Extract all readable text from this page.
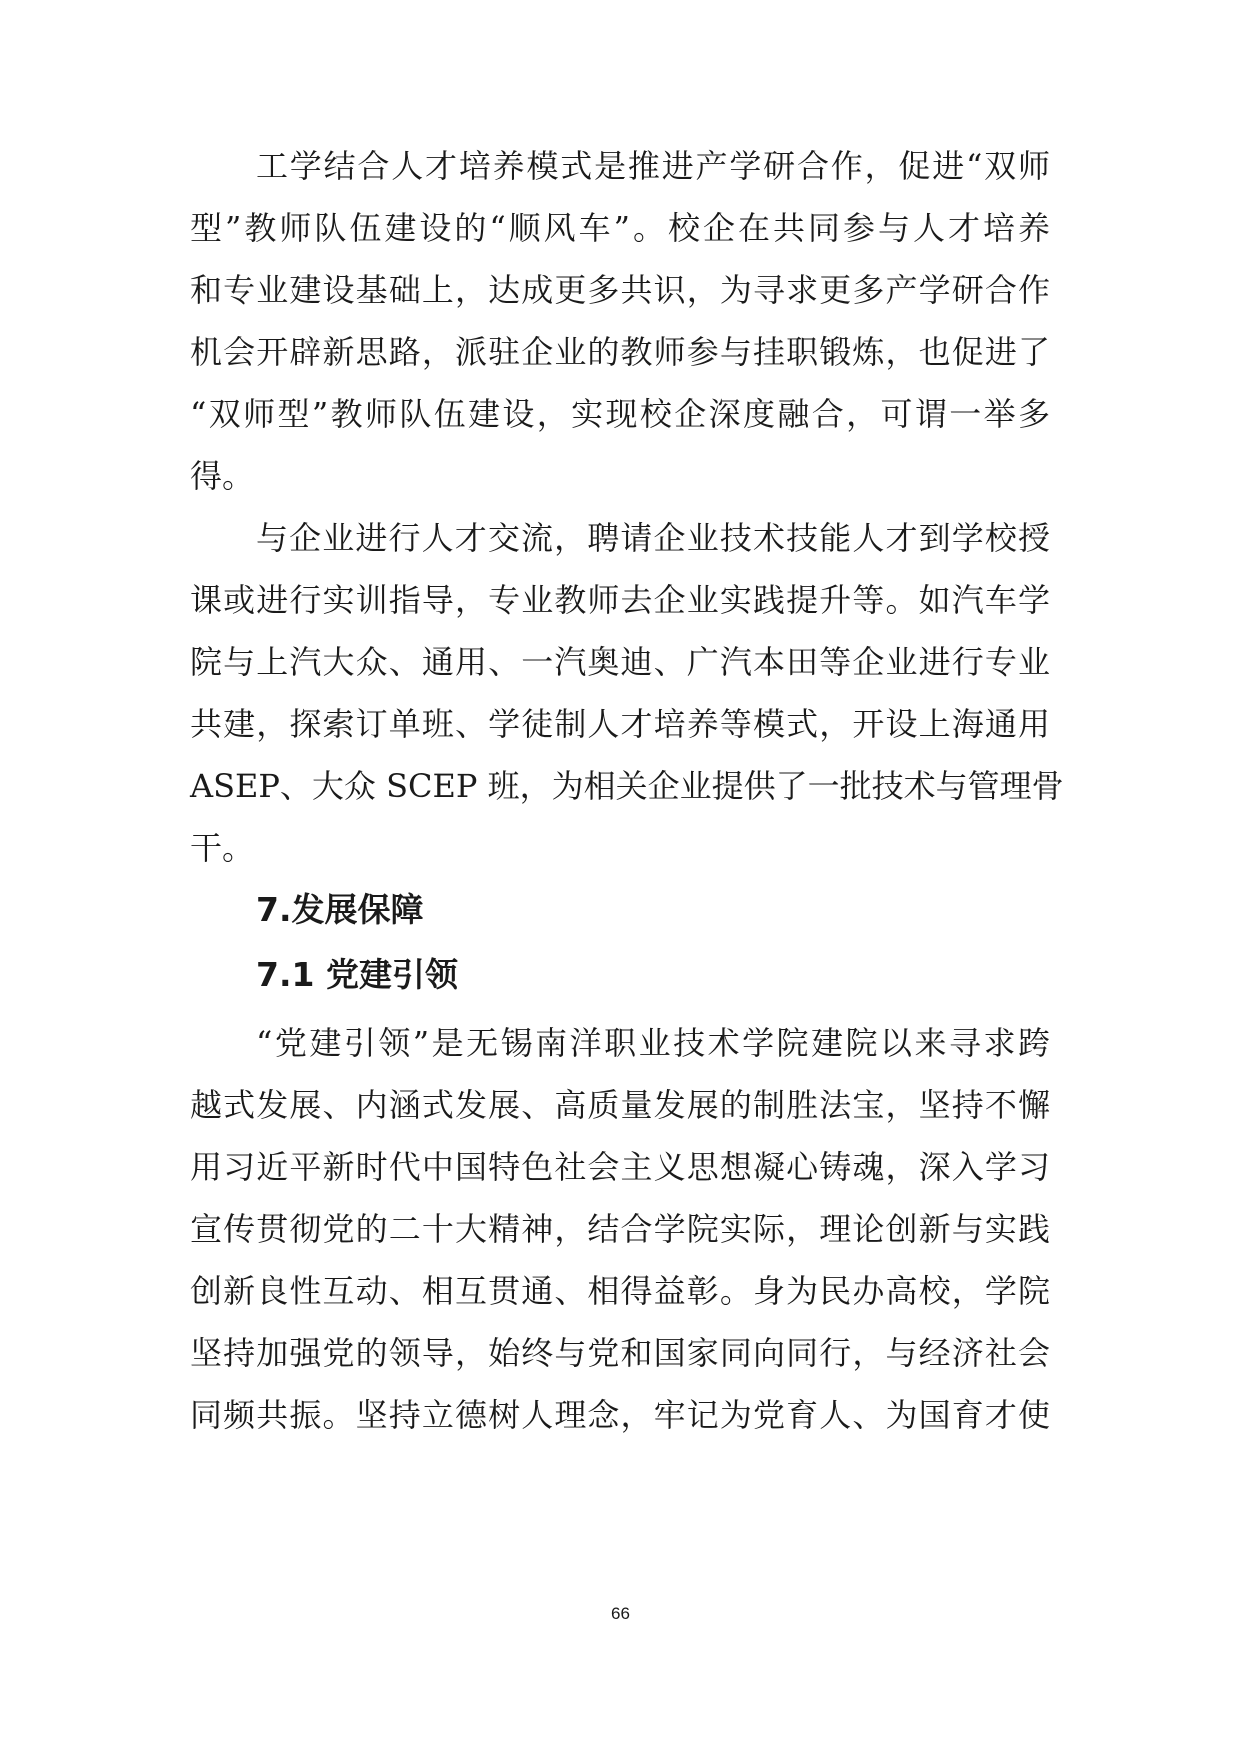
工学结合人才培养模式是推进产学研合作，促进“双师
型”教师队伍建设的“顺风车”。校企在共同参与人才培养
和专业建设基础上，达成更多共识，为寻求更多产学研合作
机会开辟新思路，派驻企业的教师参与挂职锻炼，也促进了
“双师型”教师队伍建设，实现校企深度融合，可谓一举多
得。
与企业进行人才交流，聘请企业技术技能人才到学校授
课或进行实训指导，专业教师去企业实践提升等。如汽车学
院与上汽大众、通用、一汽奥迪、广汽本田等企业进行专业
共建，探索订单班、学徒制人才培养等模式，开设上海通用
ASEP、大众 SCEP 班，为相关企业提供了一批技术与管理骨
干。
7.发展保障
7.1 党建引领
“党建引领”是无锡南洋职业技术学院建院以来寻求跨
越式发展、内涵式发展、高质量发展的制胜法宝，坚持不懈
用习近平新时代中国特色社会主义思想凝心铸魂，深入学习
宣传贯彻党的二十大精神，结合学院实际，理论创新与实践
创新良性互动、相互贯通、相得益彰。身为民办高校，学院
坚持加强党的领导，始终与党和国家同向同行，与经济社会
同频共振。坚持立德树人理念，牢记为党育人、为国育才使
66
